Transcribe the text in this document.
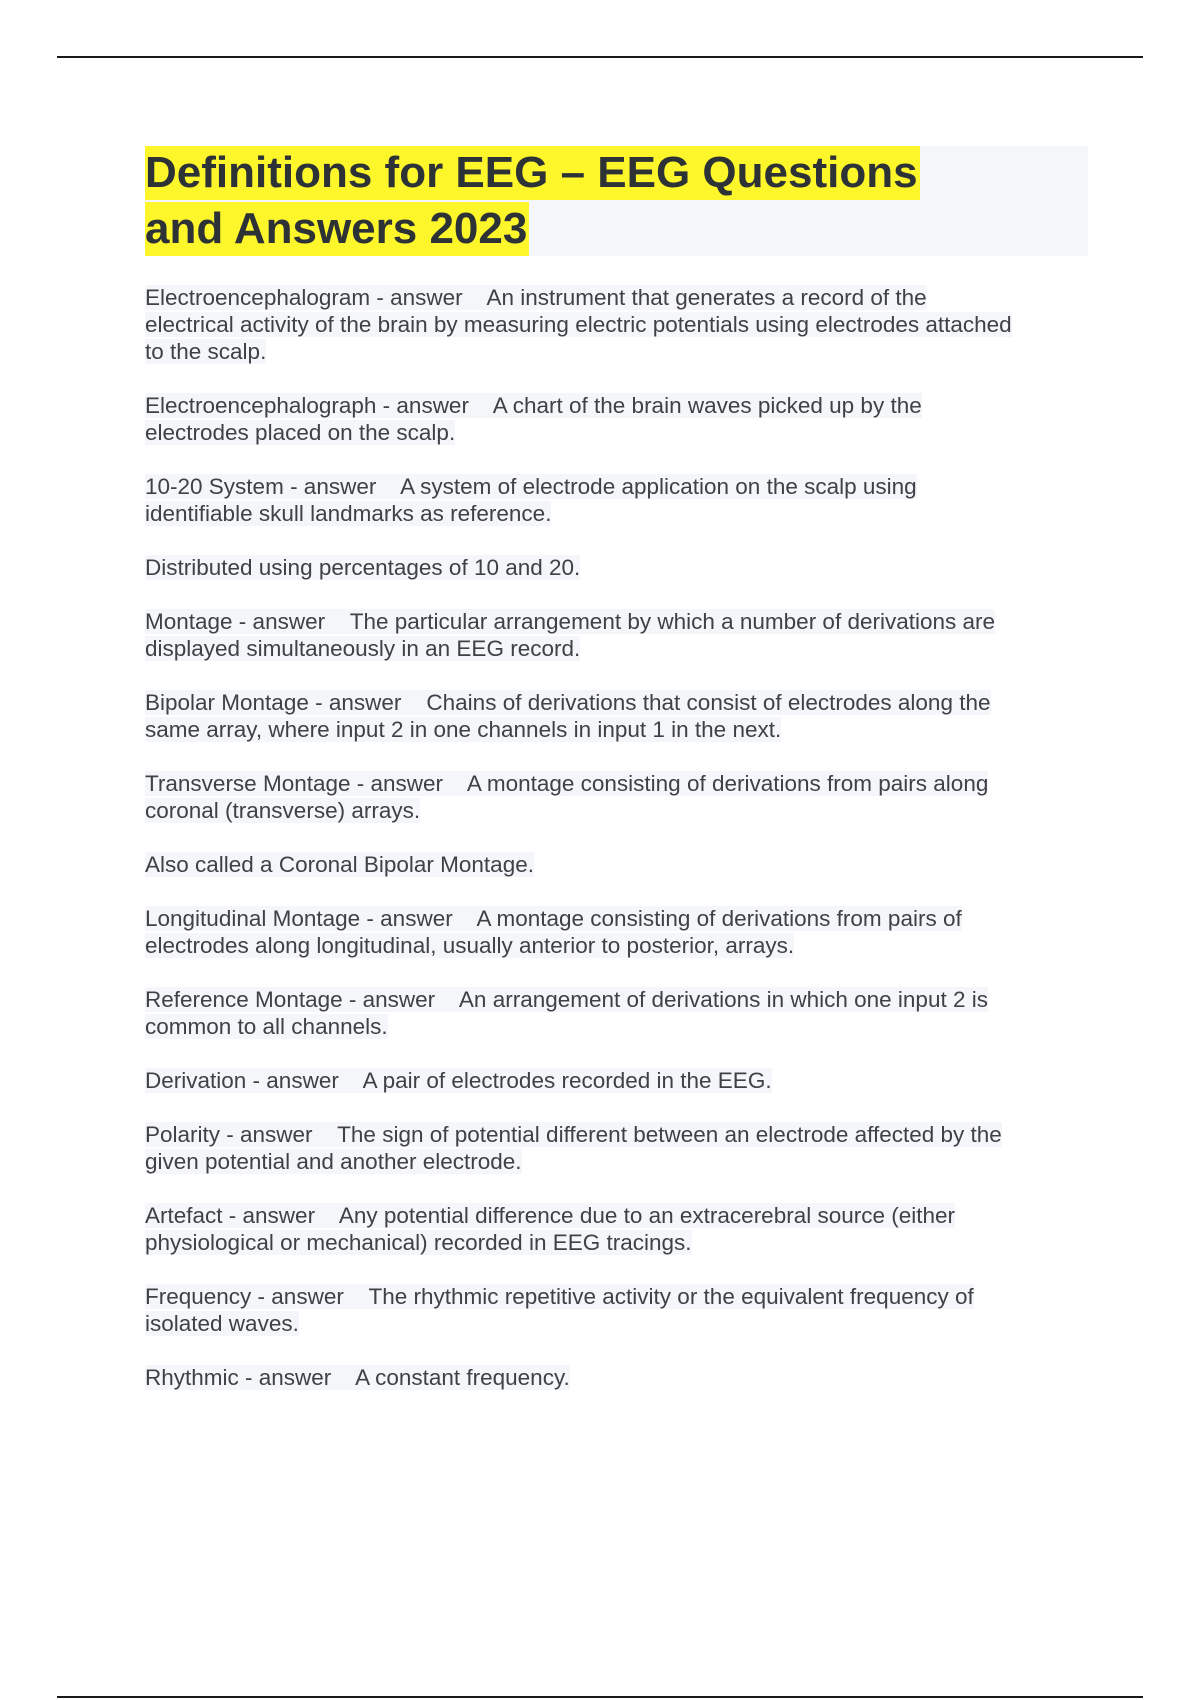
Definitions for EEG – EEG Questions
and Answers 2023
Electroencephalogram - answer An instrument that generates a record of the
electrical activity of the brain by measuring electric potentials using electrodes attached
to the scalp.
Electroencephalograph - answer A chart of the brain waves picked up by the
electrodes placed on the scalp.
10-20 System - answer A system of electrode application on the scalp using
identifiable skull landmarks as reference.
Distributed using percentages of 10 and 20.
Montage - answer The particular arrangement by which a number of derivations are
displayed simultaneously in an EEG record.
Bipolar Montage - answer Chains of derivations that consist of electrodes along the
same array, where input 2 in one channels in input 1 in the next.
Transverse Montage - answer A montage consisting of derivations from pairs along
coronal (transverse) arrays.
Also called a Coronal Bipolar Montage.
Longitudinal Montage - answer A montage consisting of derivations from pairs of
electrodes along longitudinal, usually anterior to posterior, arrays.
Reference Montage - answer An arrangement of derivations in which one input 2 is
common to all channels.
Derivation - answer A pair of electrodes recorded in the EEG.
Polarity - answer The sign of potential different between an electrode affected by the
given potential and another electrode.
Artefact - answer Any potential difference due to an extracerebral source (either
physiological or mechanical) recorded in EEG tracings.
Frequency - answer The rhythmic repetitive activity or the equivalent frequency of
isolated waves.
Rhythmic - answer A constant frequency.
